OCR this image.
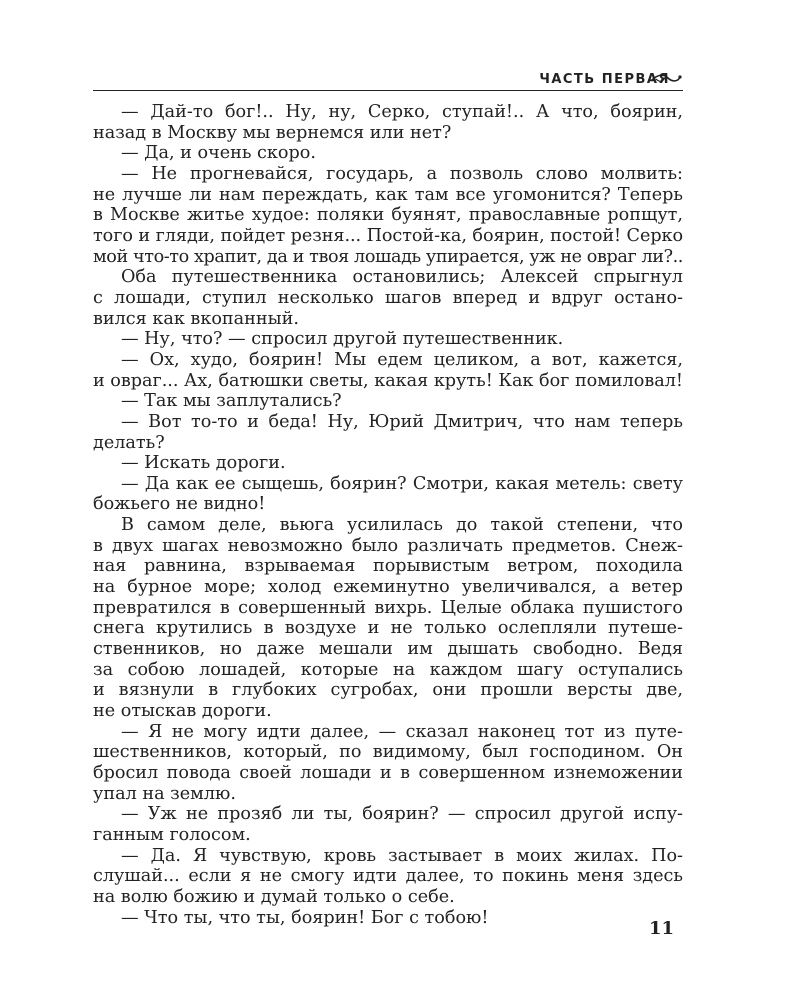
ЧАСТЬ ПЕРВАЯ
— Дай-то бог!.. Ну, ну, Серко, ступай!.. А что, боярин,
назад в Москву мы вернемся или нет?
— Да, и очень скоро.
— Не прогневайся, государь, а позволь слово молвить:
не лучше ли нам переждать, как там все угомонится? Теперь
в Москве житье худое: поляки буянят, православные ропщут,
того и гляди, пойдет резня... Постой-ка, боярин, постой! Серко
мой что-то храпит, да и твоя лошадь упирается, уж не овраг ли?..
Оба путешественника остановились; Алексей спрыгнул
с лошади, ступил несколько шагов вперед и вдруг остано-
вился как вкопанный.
— Ну, что? — спросил другой путешественник.
— Ох, худо, боярин! Мы едем целиком, а вот, кажется,
и овраг... Ах, батюшки светы, какая круть! Как бог помиловал!
— Так мы заплутались?
— Вот то-то и беда! Ну, Юрий Дмитрич, что нам теперь
делать?
— Искать дороги.
— Да как ее сыщешь, боярин? Смотри, какая метель: свету
божьего не видно!
В самом деле, вьюга усилилась до такой степени, что
в двух шагах невозможно было различать предметов. Снеж-
ная равнина, взрываемая порывистым ветром, походила
на бурное море; холод ежеминутно увеличивался, а ветер
превратился в совершенный вихрь. Целые облака пушистого
снега крутились в воздухе и не только ослепляли путеше-
ственников, но даже мешали им дышать свободно. Ведя
за собою лошадей, которые на каждом шагу оступались
и вязнули в глубоких сугробах, они прошли версты две,
не отыскав дороги.
— Я не могу идти далее, — сказал наконец тот из путе-
шественников, который, по видимому, был господином. Он
бросил повода своей лошади и в совершенном изнеможении
упал на землю.
— Уж не прозяб ли ты, боярин? — спросил другой испу-
ганным голосом.
— Да. Я чувствую, кровь застывает в моих жилах. По-
слушай... если я не смогу идти далее, то покинь меня здесь
на волю божию и думай только о себе.
— Что ты, что ты, боярин! Бог с тобою!
11
